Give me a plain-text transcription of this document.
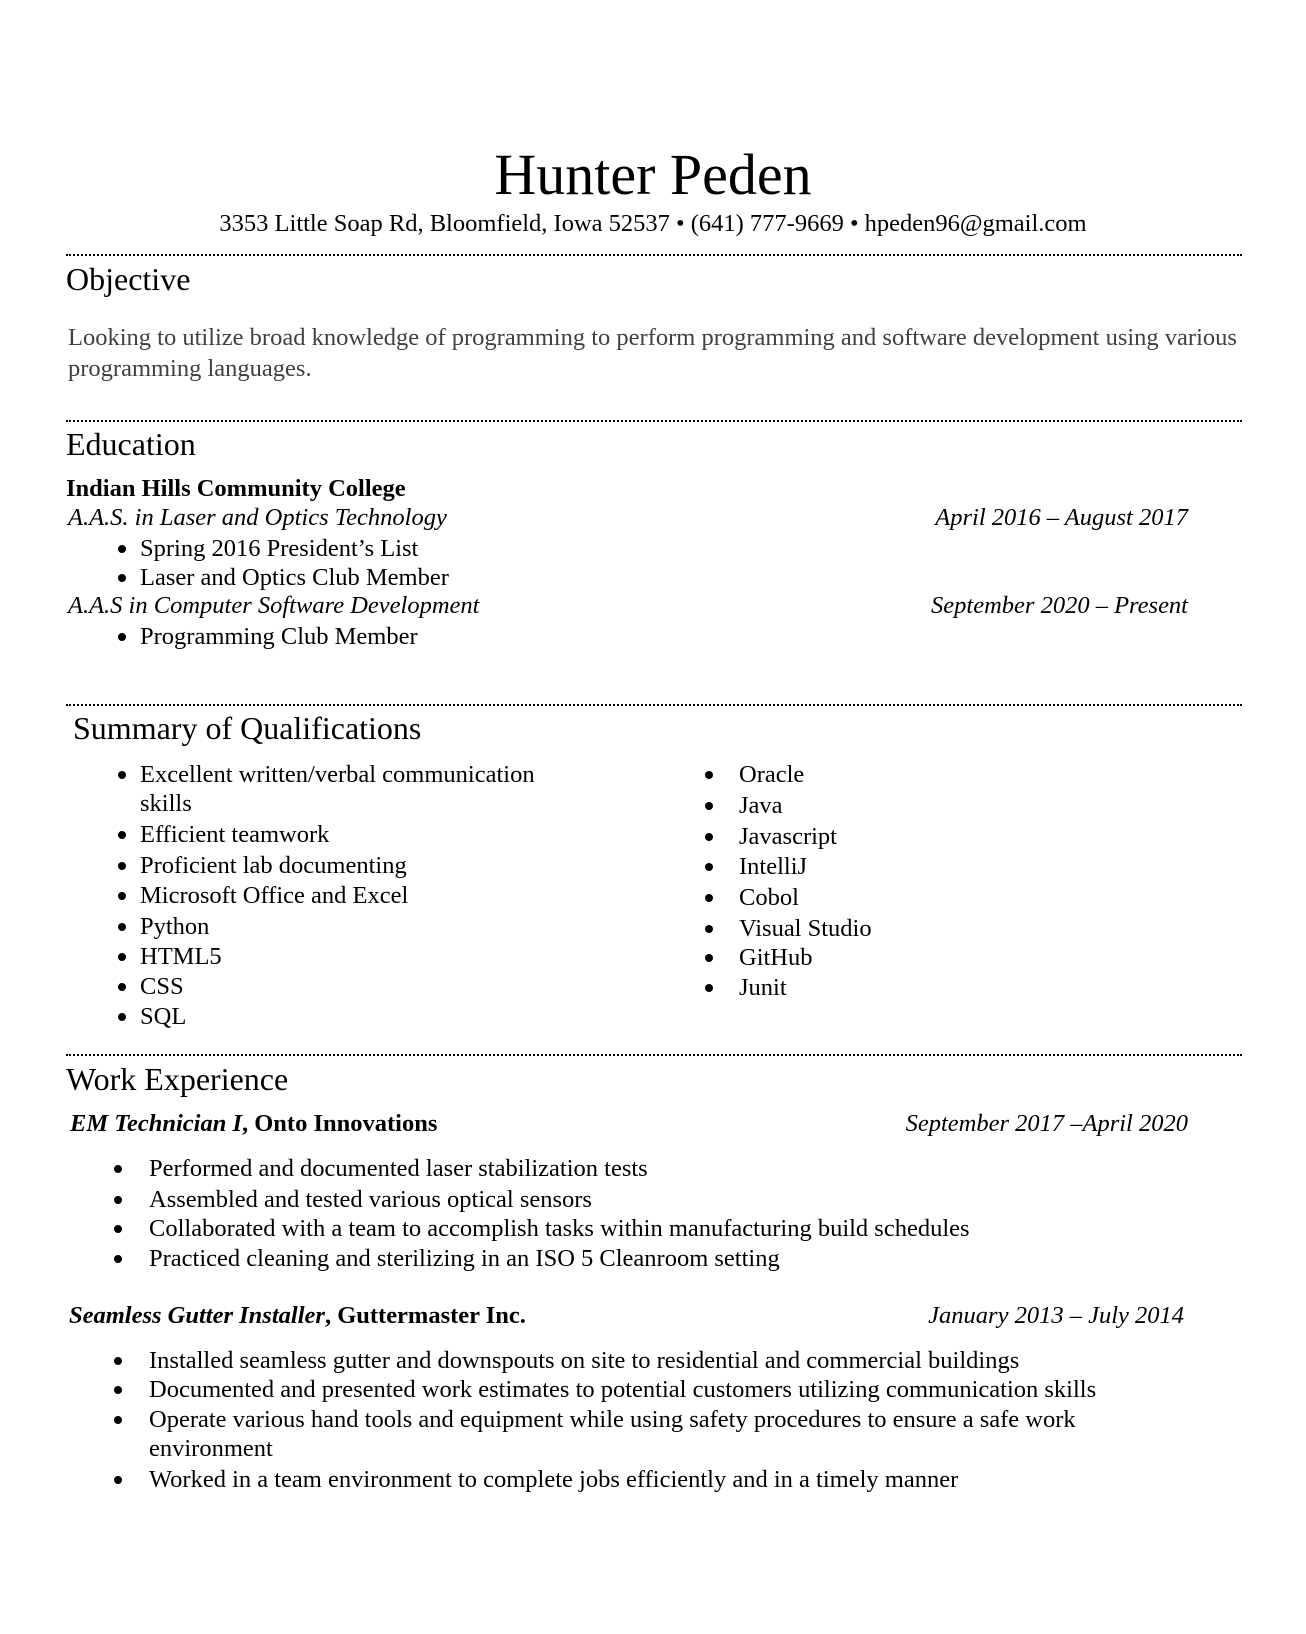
Hunter Peden
3353 Little Soap Rd, Bloomfield, Iowa 52537 • (641) 777-9669 • hpeden96@gmail.com
Objective
Looking to utilize broad knowledge of programming to perform programming and software development using various programming languages.
Education
Indian Hills Community College
A.A.S. in Laser and Optics Technology	April 2016 – August 2017
Spring 2016 President’s List
Laser and Optics Club Member
A.A.S in Computer Software Development	September 2020 – Present
Programming Club Member
Summary of Qualifications
Excellent written/verbal communication
skills
Efficient teamwork
Proficient lab documenting
Microsoft Office and Excel
Python
HTML5
CSS
SQL
Oracle
Java
Javascript
IntelliJ
Cobol
Visual Studio
GitHub
Junit
Work Experience
EM Technician I, Onto Innovations	September 2017 –April 2020
Performed and documented laser stabilization tests
Assembled and tested various optical sensors
Collaborated with a team to accomplish tasks within manufacturing build schedules
Practiced cleaning and sterilizing in an ISO 5 Cleanroom setting
Seamless Gutter Installer, Guttermaster Inc.	January 2013 – July 2014
Installed seamless gutter and downspouts on site to residential and commercial buildings
Documented and presented work estimates to potential customers utilizing communication skills
Operate various hand tools and equipment while using safety procedures to ensure a safe work
environment
Worked in a team environment to complete jobs efficiently and in a timely manner
